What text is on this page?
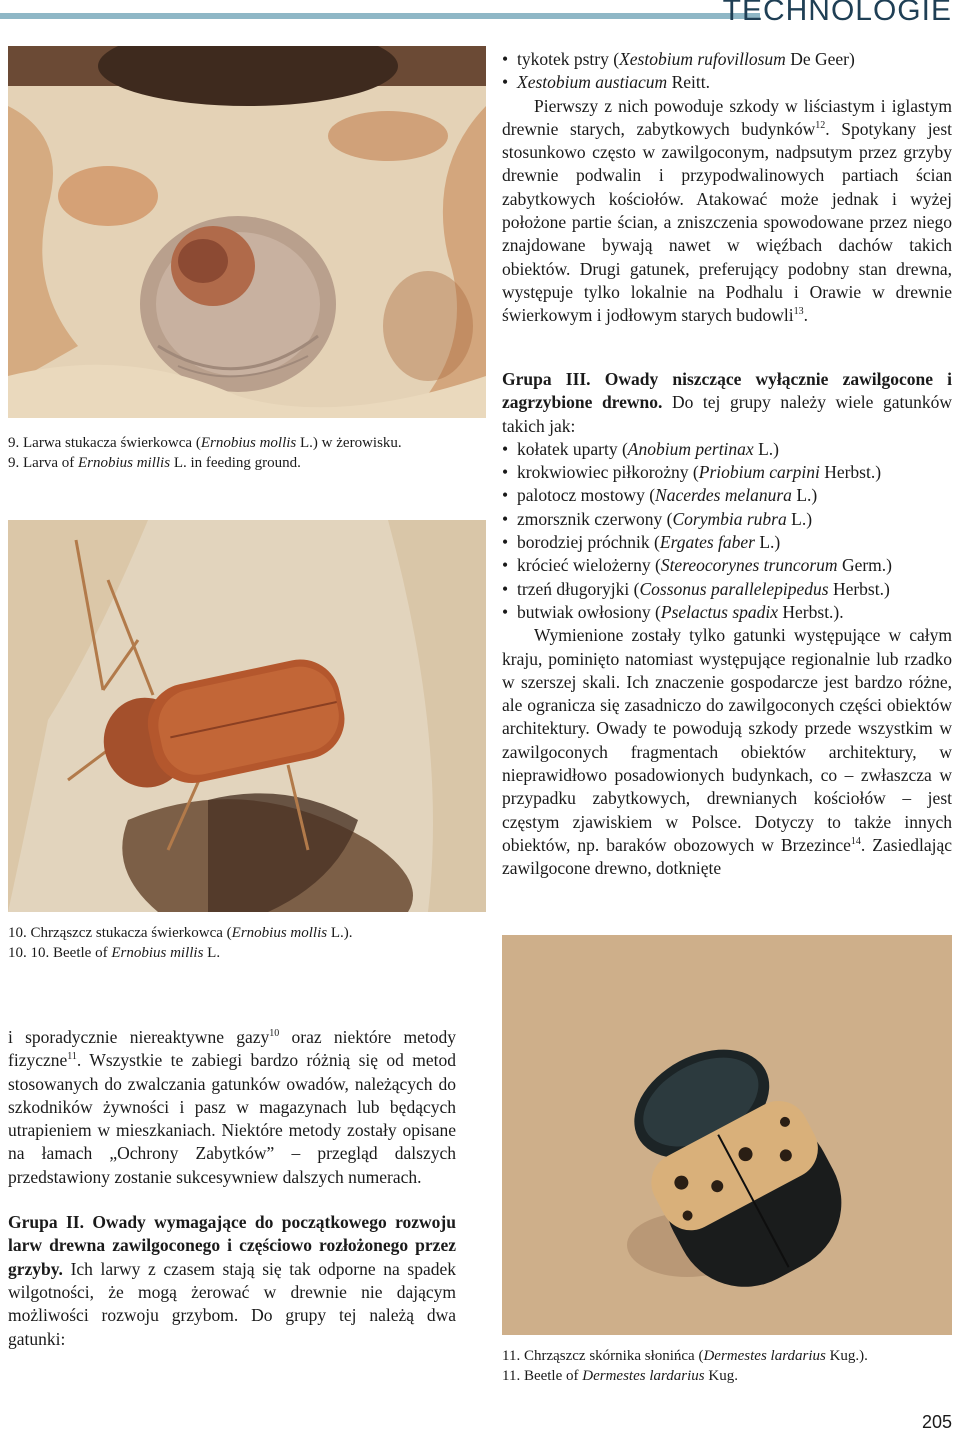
TECHNOLOGIE
9. Larwa stukacza świerkowca (Ernobius mollis L.) w żerowisku.
9. Larva of Ernobius millis L. in feeding ground.
10. Chrząszcz stukacza świerkowca (Ernobius mollis L.).
10. 10. Beetle of Ernobius millis L.
11. Chrząszcz skórnika słonińca (Dermestes lardarius Kug.).
11. Beetle of Dermestes lardarius Kug.
• tykotek pstry (Xestobium rufovillosum De Geer)
• Xestobium austiacum Reitt.

Pierwszy z nich powoduje szkody w liściastym i iglastym drewnie starych, zabytkowych budynków$^{12}$. Spotykany jest stosunkowo często w zawilgoconym, nadpsutym przez grzyby drewnie podwalin i przypodwalinowych partiach ścian zabytkowych kościołów. Atakować może jednak i wyżej położone partie ścian, a zniszczenia spowodowane przez niego znajdowane bywają nawet w więźbach dachów takich obiektów. Drugi gatunek, preferujący podobny stan drewna, występuje tylko lokalnie na Podhalu i Orawie w drewnie świerkowym i jodłowym starych budowli$^{13}$.

Grupa III. Owady niszczące wyłącznie zawilgocone i zagrzybione drewno. Do tej grupy należy wiele gatunków takich jak:

• kołatek uparty (Anobium pertinax L.)
• krokwiowiec piłkorożny (Priobium carpini Herbst.)
• palotocz mostowy (Nacerdes melanura L.)
• zmorsznik czerwony (Corymbia rubra L.)
• borodziej próchnik (Ergates faber L.)
• krócieć wielożerny (Stereocorynes truncorum Germ.)
• trzeń długoryjki (Cossonus parallelepipedus Herbst.)
• butwiak owłosiony (Pselactus spadix Herbst.).

Wymienione zostały tylko gatunki występujące w całym kraju, pominięto natomiast występujące regionalnie lub rzadko w szerszej skali. Ich znaczenie gospodarcze jest bardzo różne, ale ogranicza się zasadniczo do zawilgoconych części obiektów architektury. Owady te powodują szkody przede wszystkim w zawilgoconych fragmentach obiektów architektury, w nieprawidłowo posadowionych budynkach, co – zwłaszcza w przypadku zabytkowych, drewnianych kościołów – jest częstym zjawiskiem w Polsce. Dotyczy to także innych obiektów, np. baraków obozowych w Brzezince$^{14}$. Zasiedlając zawilgocone drewno, dotknięte

i sporadycznie niereaktywne gazy$^{10}$ oraz niektóre metody fizyczne$^{11}$. Wszystkie te zabiegi bardzo różnią się od metod stosowanych do zwalczania gatunków owadów, należących do szkodników żywności i pasz w magazynach lub będących utrapieniem w mieszkaniach. Niektóre metody zostały opisane na łamach „Ochrony Zabytków” – przegląd dalszych przedstawiony zostanie sukcesywniew dalszych numerach.

Grupa II. Owady wymagające do początkowego rozwoju larw drewna zawilgoconego i częściowo rozłożonego przez grzyby. Ich larwy z czasem stają się tak odporne na spadek wilgotności, że mogą żerować w drewnie nie dającym możliwości rozwoju grzybom. Do grupy tej należą dwa gatunki:

205
